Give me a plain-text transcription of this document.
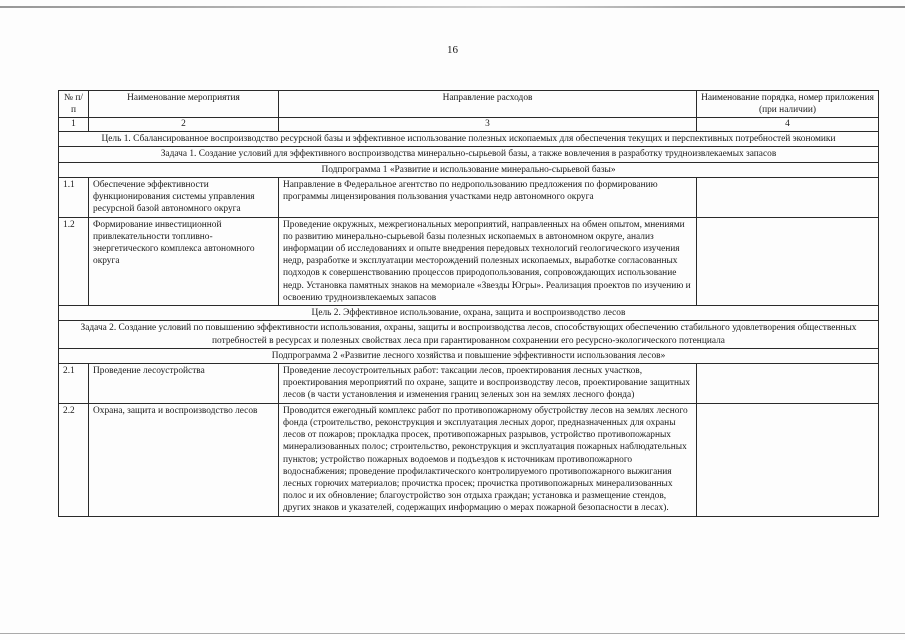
16
№ п/п	Наименование мероприятия	Направление расходов	Наименование порядка, номер приложения (при наличии)
1	2	3	4
Цель 1. Сбалансированное воспроизводство ресурсной базы и эффективное использование полезных ископаемых для обеспечения текущих и перспективных потребностей экономики			
Задача 1. Создание условий для эффективного воспроизводства минерально-сырьевой базы, а также вовлечения в разработку трудноизвлекаемых запасов			
Подпрограмма 1 «Развитие и использование минерально-сырьевой базы»			
1.1	Обеспечение эффективности функционирования системы управления ресурсной базой автономного округа	Направление в Федеральное агентство по недропользованию предложения по формированию программы лицензирования пользования участками недр автономного округа	
1.2	Формирование инвестиционной привлекательности топливно-энергетического комплекса автономного округа	Проведение окружных, межрегиональных мероприятий, направленных на обмен опытом, мнениями по развитию минерально-сырьевой базы полезных ископаемых в автономном округе, анализ информации об исследованиях и опыте внедрения передовых технологий геологического изучения недр, разработке и эксплуатации месторождений полезных ископаемых, выработке согласованных подходов к совершенствованию процессов природопользования, сопровождающих использование недр. Установка памятных знаков на мемориале «Звезды Югры». Реализация проектов по изучению и освоению трудноизвлекаемых запасов	
Цель 2. Эффективное использование, охрана, защита и воспроизводство лесов			
Задача 2. Создание условий по повышению эффективности использования, охраны, защиты и воспроизводства лесов, способствующих обеспечению стабильного удовлетворения общественных потребностей в ресурсах и полезных свойствах леса при гарантированном сохранении его ресурсно-экологического потенциала			
Подпрограмма 2 «Развитие лесного хозяйства и повышение эффективности использования лесов»			
2.1	Проведение лесоустройства	Проведение лесоустроительных работ: таксации лесов, проектирования лесных участков, проектирования мероприятий по охране, защите и воспроизводству лесов, проектирование защитных лесов (в части установления и изменения границ зеленых зон на землях лесного фонда)	
2.2	Охрана, защита и воспроизводство лесов	Проводится ежегодный комплекс работ по противопожарному обустройству лесов на землях лесного фонда (строительство, реконструкция и эксплуатация лесных дорог, предназначенных для охраны лесов от пожаров; прокладка просек, противопожарных разрывов, устройство противопожарных минерализованных полос; строительство, реконструкция и эксплуатация пожарных наблюдательных пунктов; устройство пожарных водоемов и подъездов к источникам противопожарного водоснабжения; проведение профилактического контролируемого противопожарного выжигания лесных горючих материалов; прочистка просек; прочистка противопожарных минерализованных полос и их обновление; благоустройство зон отдыха граждан; установка и размещение стендов, других знаков и указателей, содержащих информацию о мерах пожарной безопасности в лесах).	
